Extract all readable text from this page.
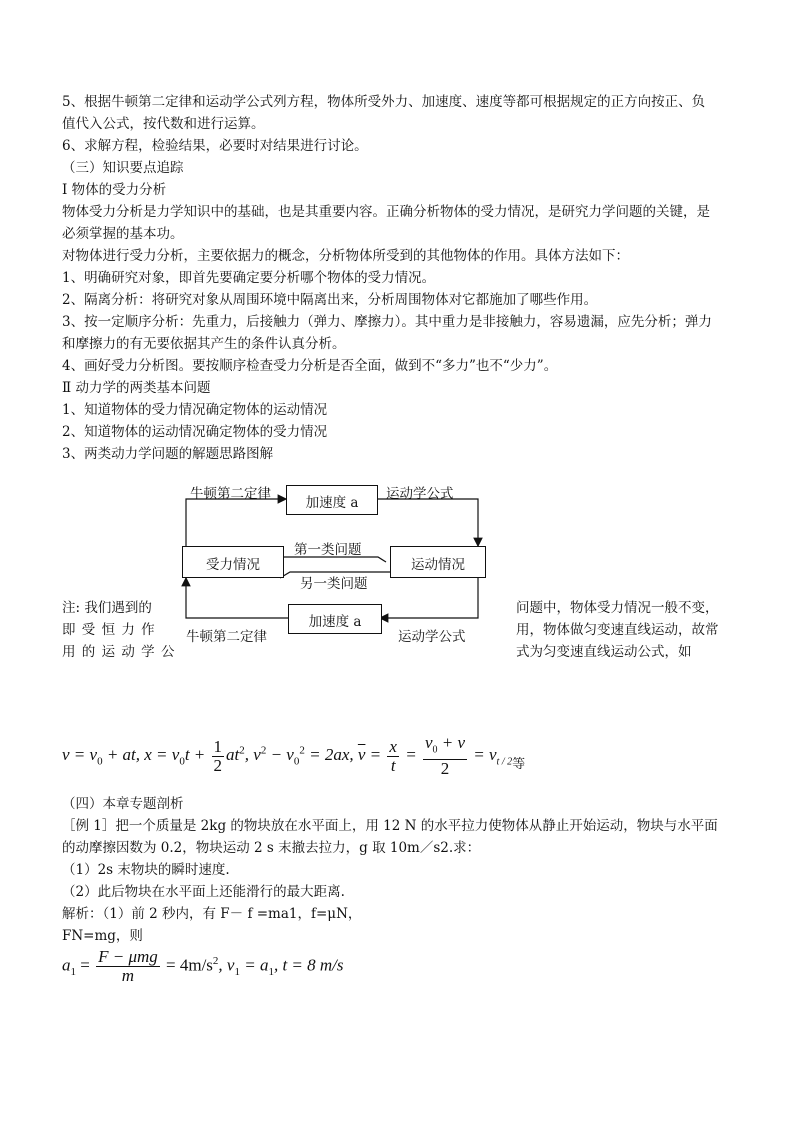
5、根据牛顿第二定律和运动学公式列方程，物体所受外力、加速度、速度等都可根据规定的正方向按正、负
值代入公式，按代数和进行运算。
6、求解方程，检验结果，必要时对结果进行讨论。
（三）知识要点追踪
Ⅰ 物体的受力分析
物体受力分析是力学知识中的基础，也是其重要内容。正确分析物体的受力情况，是研究力学问题的关键，是
必须掌握的基本功。
对物体进行受力分析，主要依据力的概念，分析物体所受到的其他物体的作用。具体方法如下：
1、明确研究对象，即首先要确定要分析哪个物体的受力情况。
2、隔离分析：将研究对象从周围环境中隔离出来，分析周围物体对它都施加了哪些作用。
3、按一定顺序分析：先重力，后接触力（弹力、摩擦力）。其中重力是非接触力，容易遗漏，应先分析；弹力
和摩擦力的有无要依据其产生的条件认真分析。
4、画好受力分析图。要按顺序检查受力分析是否全面，做到不“多力”也不“少力”。
Ⅱ 动力学的两类基本问题
1、知道物体的受力情况确定物体的运动情况
2、知道物体的运动情况确定物体的受力情况
3、两类动力学问题的解题思路图解
加速度 a
受力情况	运动情况
加速度 a
牛顿第二定律	运动学公式
第一类问题
另一类问题
牛顿第二定律	运动学公式
注: 我们遇到的
即 受 恒 力 作
用 的 运 动 学 公
问题中，物体受力情况一般不变，
用，物体做匀变速直线运动，故常
式为匀变速直线运动公式，如
$v = v_0$ + at, $x = v_0t + \frac{1}{2} at^2$, $v^2 - v_0^2 = 2ax$, $\overline{v} = \frac{x}{t} = \frac{v_0 + v}{2} = v_{t / 2等}$
（四）本章专题剖析
［例 1］把一个质量是 2kg 的物块放在水平面上，用 12 N 的水平拉力使物体从静止开始运动，物块与水平面
的动摩擦因数为 0.2，物块运动 2 s 末撤去拉力，g 取 10m／s2.求：
（1）2s 末物块的瞬时速度.
（2）此后物块在水平面上还能滑行的最大距离.
解析：（1）前 2 秒内，有 F－ f =ma1，f=μN，
FN=mg，则
$a_1 = \frac{\text{F − μmg}}{m} = 4m/s^2$, $v_1 = a_1$, t = 8 m/s
